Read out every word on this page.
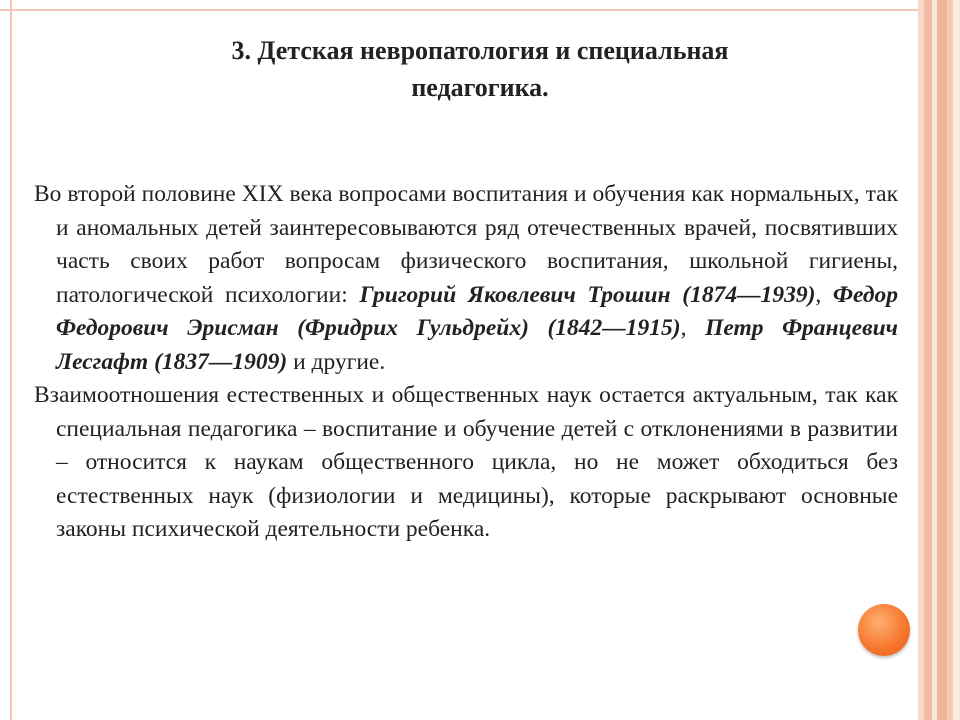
3. Детская невропатология и специальная
педагогика.

Во второй половине XIX века вопросами воспитания и обучения как нормальных, так и аномальных детей заинтересовываются ряд отечественных врачей, посвятивших часть своих работ вопросам физического воспитания, школьной гигиены, патологической психологии: Григорий Яковлевич Трошин (1874—1939), Федор Федорович Эрисман (Фридрих Гульдрейх) (1842—1915), Петр Францевич Лесгафт (1837—1909) и другие.

Взаимоотношения естественных и общественных наук остается актуальным, так как специальная педагогика – воспитание и обучение детей с отклонениями в развитии – относится к наукам общественного цикла, но не может обходиться без естественных наук (физиологии и медицины), которые раскрывают основные законы психической деятельности ребенка.
